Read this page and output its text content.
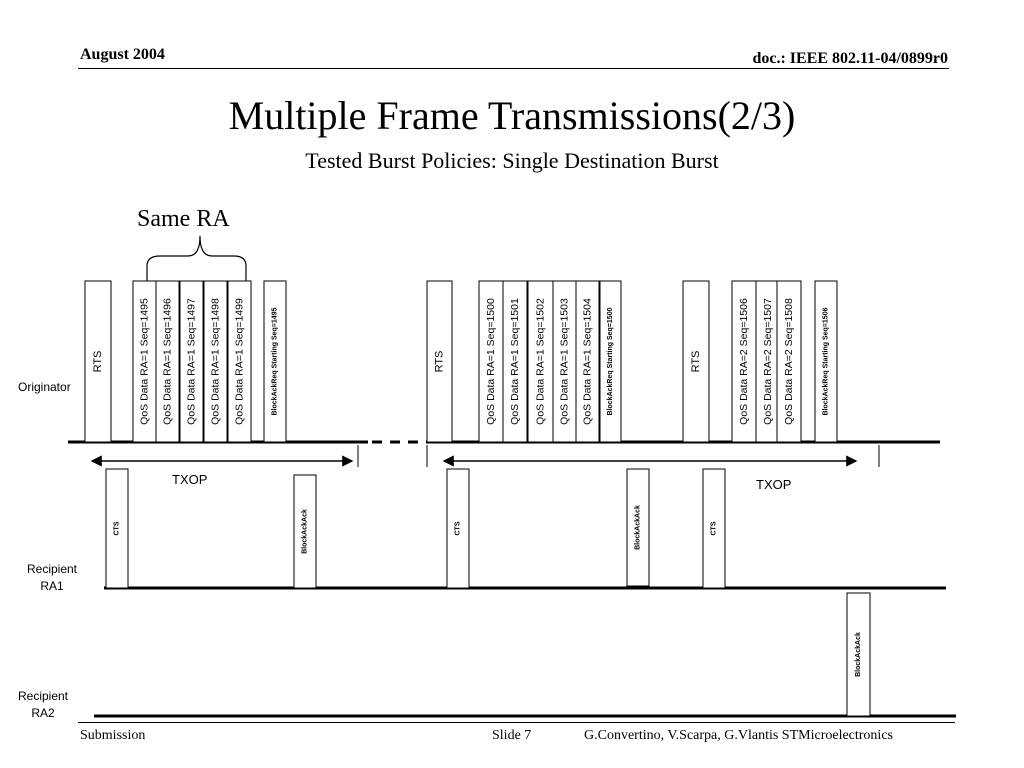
August 2004	doc.: IEEE 802.11-04/0899r0
Multiple Frame Transmissions(2/3)
Tested Burst Policies: Single Destination Burst
Same RA
Originator
Recipient
RA1
Recipient
RA2
TXOP	TXOP
RTS	QoS Data RA=1 Seq=1495 QoS Data RA=1 Seq=1496 QoS Data RA=1 Seq=1497 QoS Data RA=1 Seq=1498 QoS Data RA=1 Seq=1499	BlockAckReq Starting Seq=1495	RTS	QoS Data RA=1 Seq=1500 QoS Data RA=1 Seq=1501 QoS Data RA=1 Seq=1502 QoS Data RA=1 Seq=1503 QoS Data RA=1 Seq=1504 BlockAckReq Starting Seq=1500	RTS	QoS Data RA=2 Seq=1506 QoS Data RA=2 Seq=1507 QoS Data RA=2 Seq=1508	BlockAckReq Starting Seq=1506
CTS	BlockAckAck	CTS	BlockAckAck	CTS
BlockAckAck
Submission	Slide 7	G.Convertino, V.Scarpa, G.Vlantis STMicroelectronics
